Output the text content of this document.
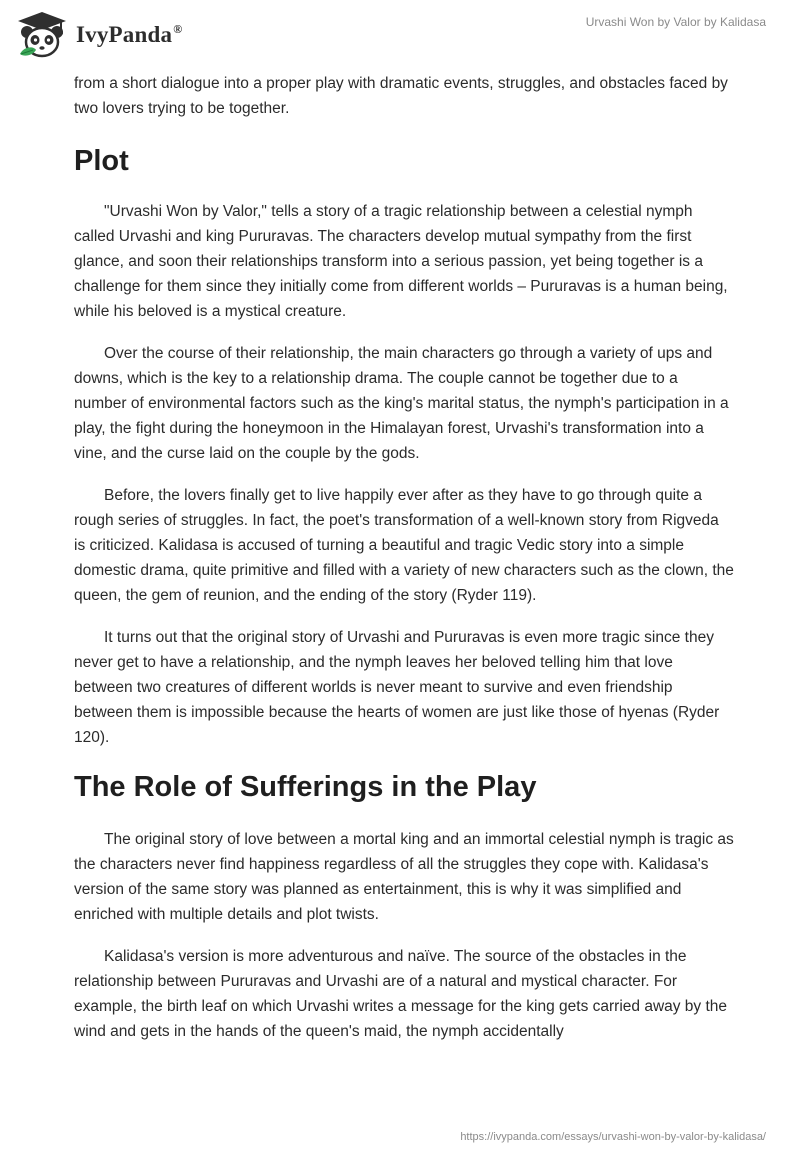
IvyPanda®
Urvashi Won by Valor by Kalidasa

from a short dialogue into a proper play with dramatic events, struggles, and obstacles faced by two lovers trying to be together.

Plot

"Urvashi Won by Valor," tells a story of a tragic relationship between a celestial nymph called Urvashi and king Pururavas. The characters develop mutual sympathy from the first glance, and soon their relationships transform into a serious passion, yet being together is a challenge for them since they initially come from different worlds – Pururavas is a human being, while his beloved is a mystical creature.

Over the course of their relationship, the main characters go through a variety of ups and downs, which is the key to a relationship drama. The couple cannot be together due to a number of environmental factors such as the king's marital status, the nymph's participation in a play, the fight during the honeymoon in the Himalayan forest, Urvashi's transformation into a vine, and the curse laid on the couple by the gods.

Before, the lovers finally get to live happily ever after as they have to go through quite a rough series of struggles. In fact, the poet's transformation of a well-known story from Rigveda is criticized. Kalidasa is accused of turning a beautiful and tragic Vedic story into a simple domestic drama, quite primitive and filled with a variety of new characters such as the clown, the queen, the gem of reunion, and the ending of the story (Ryder 119).

It turns out that the original story of Urvashi and Pururavas is even more tragic since they never get to have a relationship, and the nymph leaves her beloved telling him that love between two creatures of different worlds is never meant to survive and even friendship between them is impossible because the hearts of women are just like those of hyenas (Ryder 120).

The Role of Sufferings in the Play

The original story of love between a mortal king and an immortal celestial nymph is tragic as the characters never find happiness regardless of all the struggles they cope with. Kalidasa's version of the same story was planned as entertainment, this is why it was simplified and enriched with multiple details and plot twists.

Kalidasa's version is more adventurous and naïve. The source of the obstacles in the relationship between Pururavas and Urvashi are of a natural and mystical character. For example, the birth leaf on which Urvashi writes a message for the king gets carried away by the wind and gets in the hands of the queen's maid, the nymph accidentally

https://ivypanda.com/essays/urvashi-won-by-valor-by-kalidasa/
